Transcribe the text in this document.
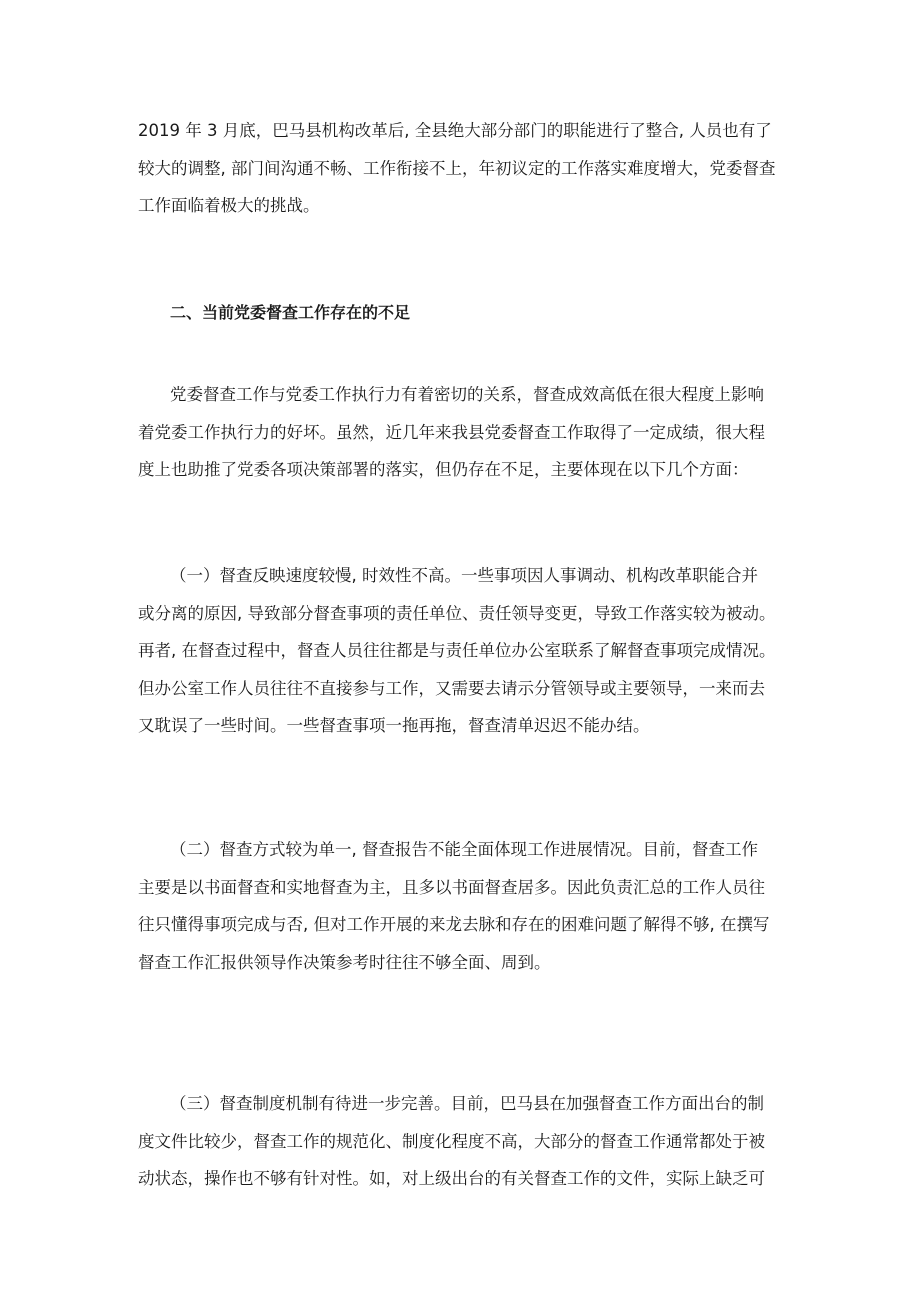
2019 年 3 月底，巴马县机构改革后, 全县绝大部分部门的职能进行了整合, 人员也有了
较大的调整, 部门间沟通不畅、工作衔接不上，年初议定的工作落实难度增大，党委督查
工作面临着极大的挑战。

二、当前党委督查工作存在的不足

党委督查工作与党委工作执行力有着密切的关系，督查成效高低在很大程度上影响
着党委工作执行力的好坏。虽然，近几年来我县党委督查工作取得了一定成绩，很大程
度上也助推了党委各项决策部署的落实，但仍存在不足，主要体现在以下几个方面：

（一）督查反映速度较慢, 时效性不高。一些事项因人事调动、机构改革职能合并
或分离的原因, 导致部分督查事项的责任单位、责任领导变更，导致工作落实较为被动。
再者, 在督查过程中，督查人员往往都是与责任单位办公室联系了解督查事项完成情况。
但办公室工作人员往往不直接参与工作，又需要去请示分管领导或主要领导，一来而去
又耽误了一些时间。一些督查事项一拖再拖，督查清单迟迟不能办结。

（二）督查方式较为单一, 督查报告不能全面体现工作进展情况。目前，督查工作
主要是以书面督查和实地督查为主，且多以书面督查居多。因此负责汇总的工作人员往
往只懂得事项完成与否, 但对工作开展的来龙去脉和存在的困难问题了解得不够, 在撰写
督查工作汇报供领导作决策参考时往往不够全面、周到。

（三）督查制度机制有待进一步完善。目前，巴马县在加强督查工作方面出台的制
度文件比较少，督查工作的规范化、制度化程度不高，大部分的督查工作通常都处于被
动状态，操作也不够有针对性。如，对上级出台的有关督查工作的文件，实际上缺乏可
